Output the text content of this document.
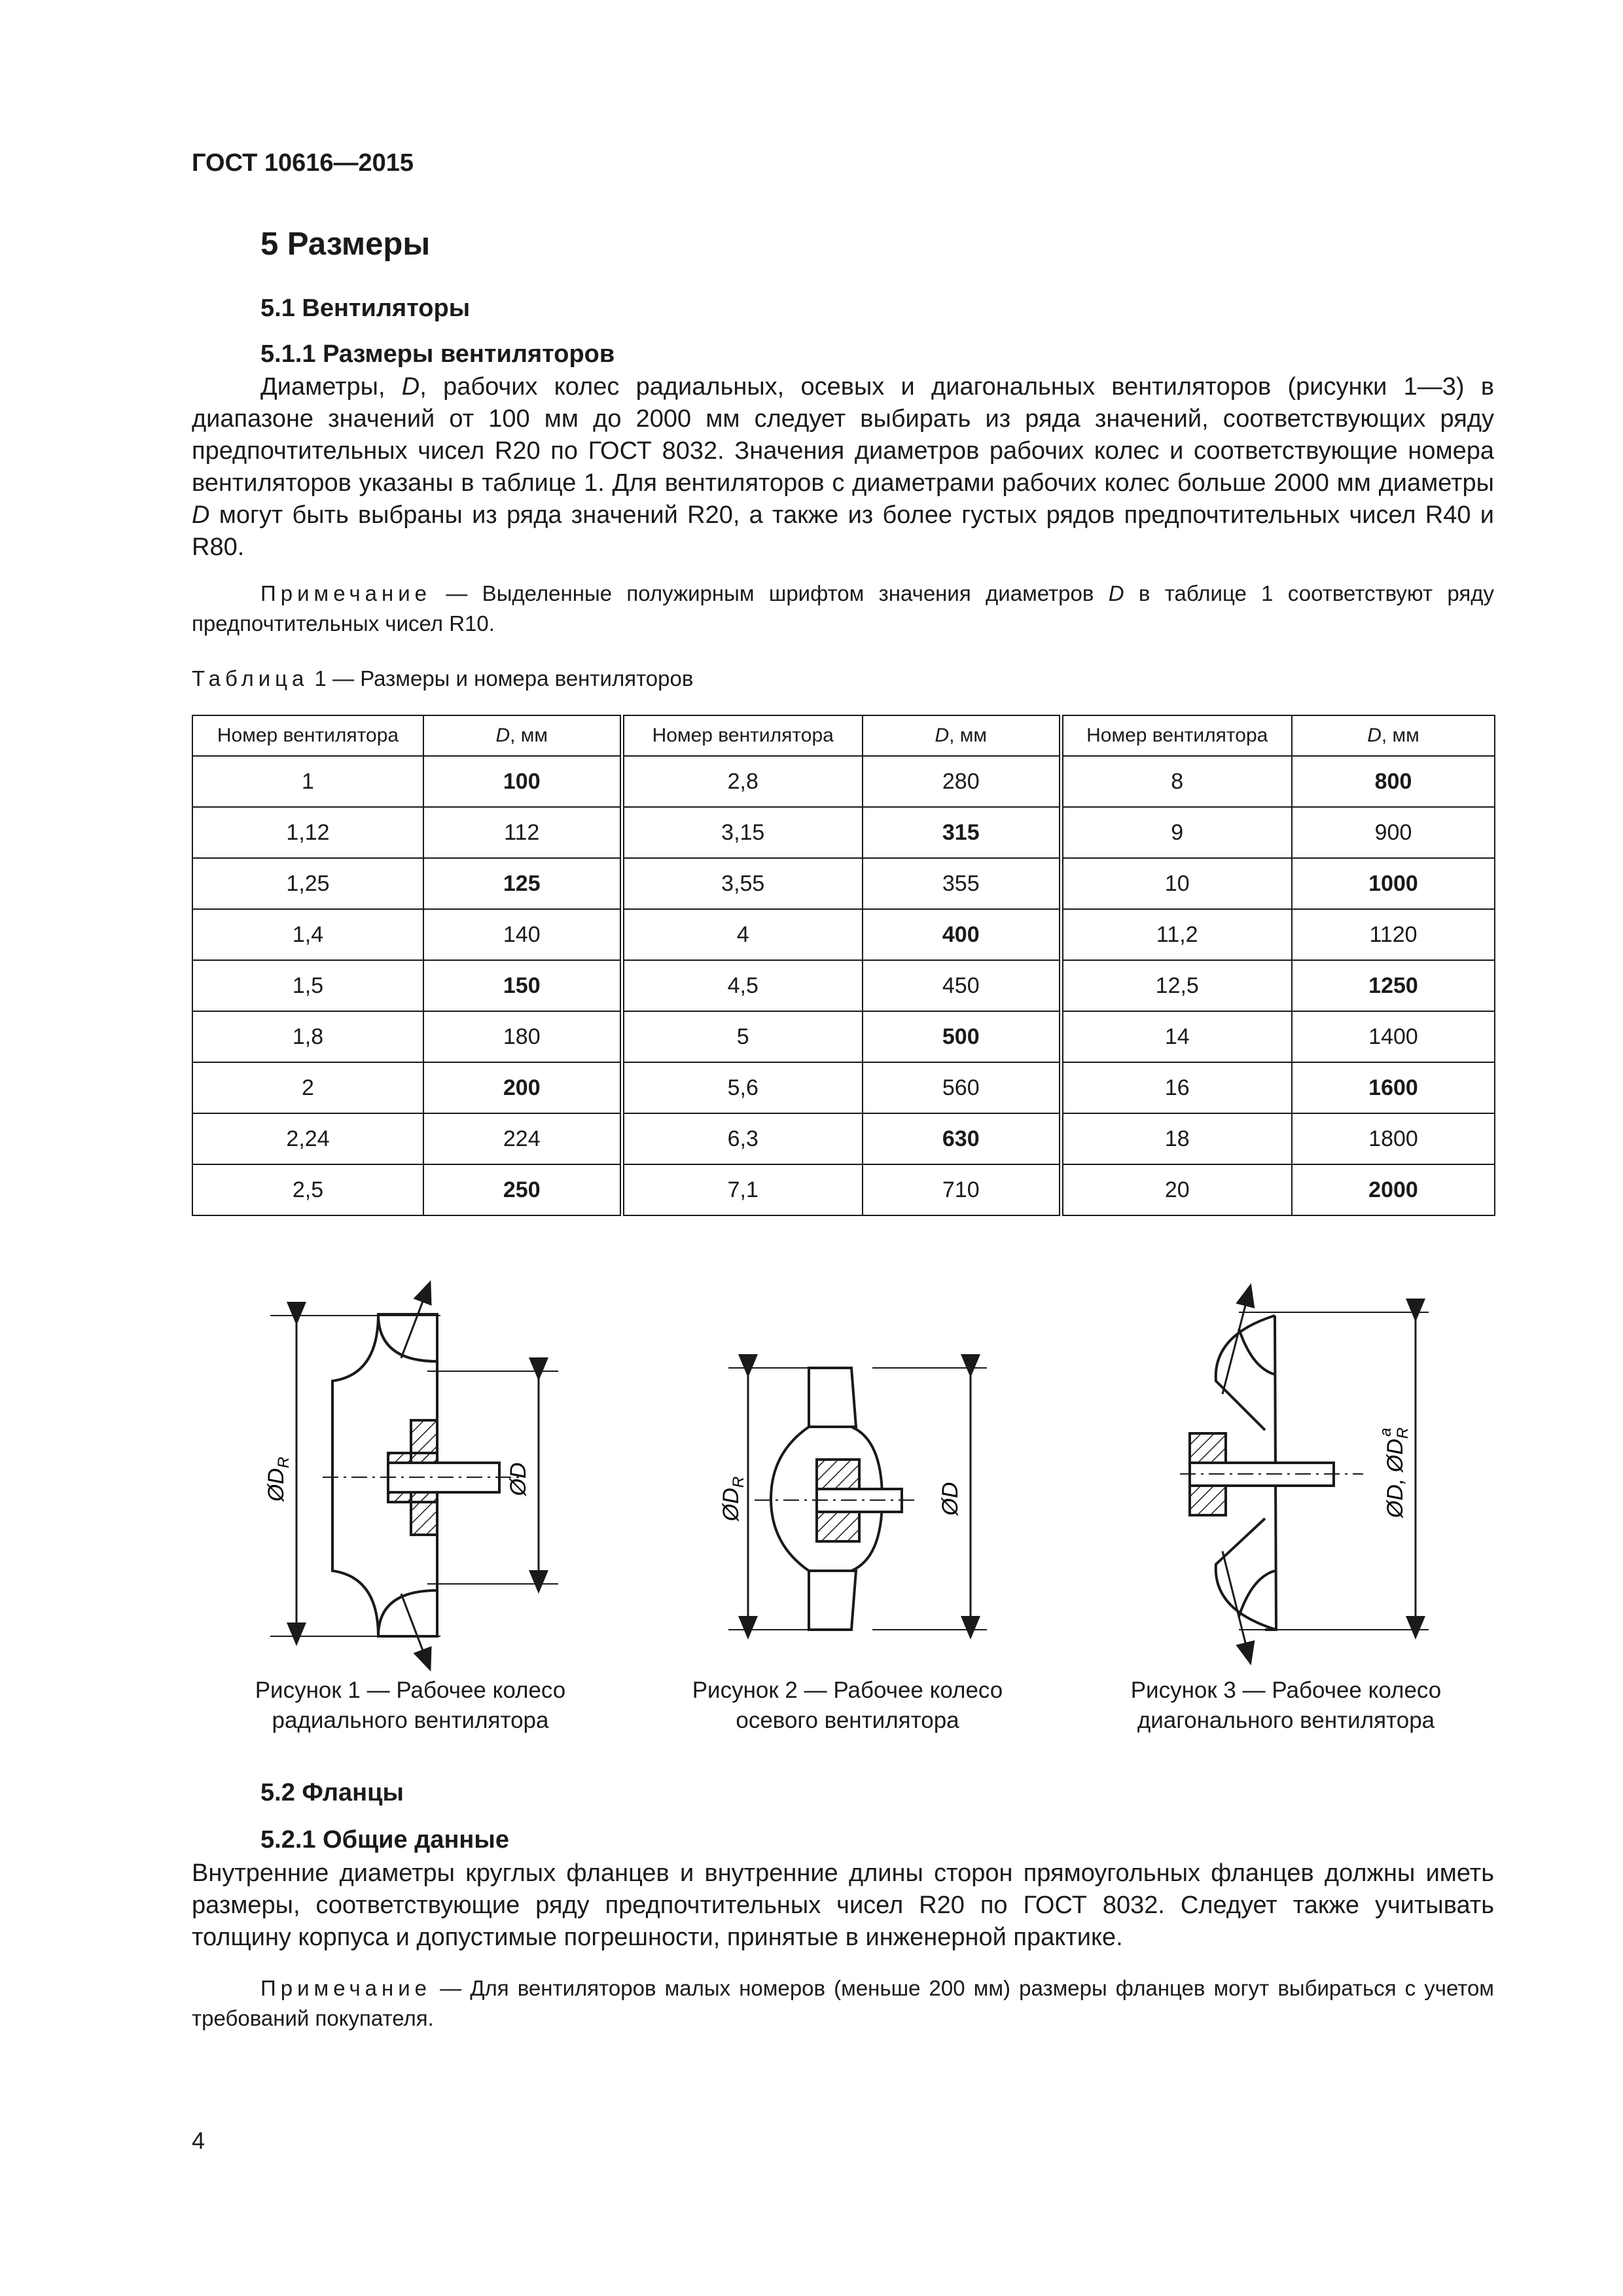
ГОСТ 10616—2015
5 Размеры
5.1 Вентиляторы
5.1.1 Размеры вентиляторов

Диаметры, D, рабочих колес радиальных, осевых и диагональных вентиляторов (рисунки 1—3) в диапазоне значений от 100 мм до 2000 мм следует выбирать из ряда значений, соответствующих ряду предпочтительных чисел R20 по ГОСТ 8032. Значения диаметров рабочих колес и соответствующие номера вентиляторов указаны в таблице 1. Для вентиляторов с диаметрами рабочих колес больше 2000 мм диаметры D могут быть выбраны из ряда значений R20, а также из более густых рядов предпочтительных чисел R40 и R80.

Примечание — Выделенные полужирным шрифтом значения диаметров D в таблице 1 соответствуют ряду предпочтительных чисел R10.

Таблица 1 — Размеры и номера вентиляторов
Номер вентилятора	D, мм	Номер вентилятора	D, мм	Номер вентилятора	D, мм
1	100	2,8	280	8	800
1,12	112	3,15	315	9	900
1,25	125	3,55	355	10	1000
1,4	140	4	400	11,2	1120
1,5	150	4,5	450	12,5	1250
1,8	180	5	500	14	1400
2	200	5,6	560	16	1600
2,24	224	6,3	630	18	1800
2,5	250	7,1	710	20	2000
$ØD_R$	ØD
$ØD_R$	ØD	ØD, $ØD_Ra$
Рисунок 1 — Рабочее колесо
радиального вентилятора
Рисунок 2 — Рабочее колесо
осевого вентилятора
Рисунок 3 — Рабочее колесо
диагонального вентилятора
5.2 Фланцы
5.2.1 Общие данные

Внутренние диаметры круглых фланцев и внутренние длины сторон прямоугольных фланцев должны иметь размеры, соответствующие ряду предпочтительных чисел R20 по ГОСТ 8032. Следует также учитывать толщину корпуса и допустимые погрешности, принятые в инженерной практике.

Примечание — Для вентиляторов малых номеров (меньше 200 мм) размеры фланцев могут выбираться с учетом требований покупателя.

4
